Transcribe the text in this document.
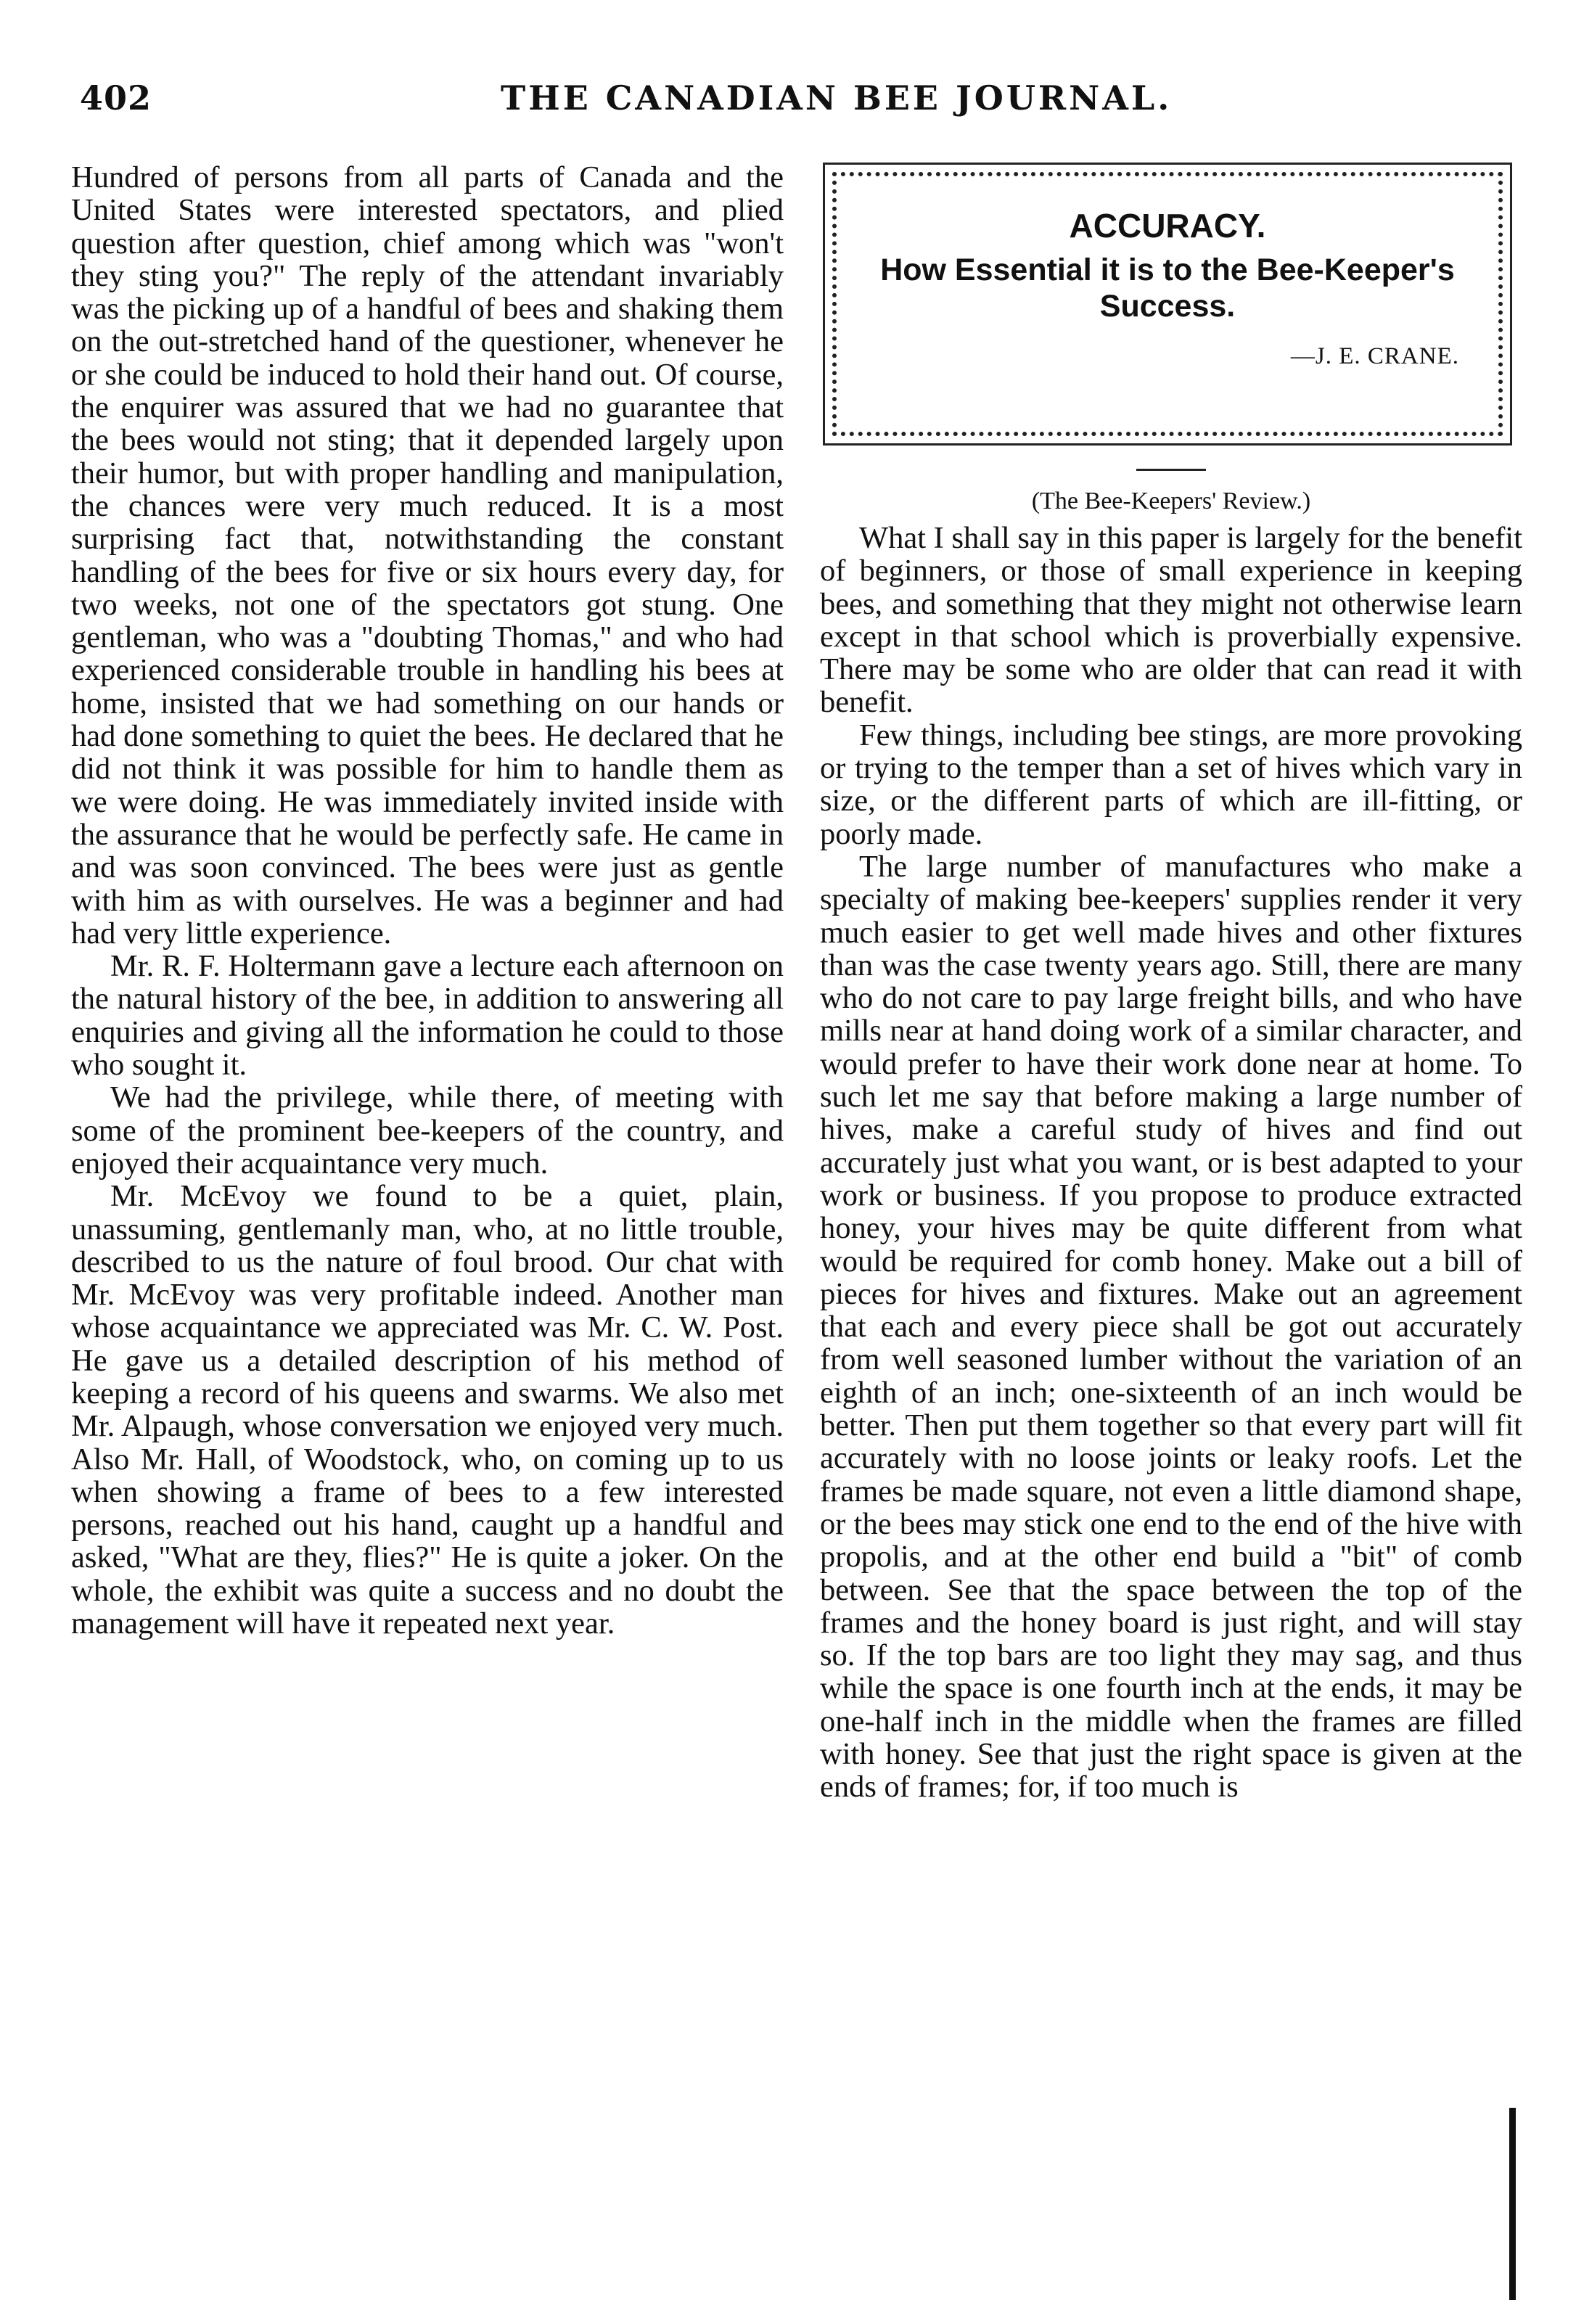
402	THE CANADIAN BEE JOURNAL.

Hundred of persons from all parts of Canada and the United States were interested spectators, and plied question after question, chief among which was "won't they sting you?" The reply of the attendant invariably was the picking up of a handful of bees and shaking them on the out-stretched hand of the questioner, whenever he or she could be induced to hold their hand out. Of course, the enquirer was assured that we had no guarantee that the bees would not sting; that it depended largely upon their humor, but with proper handling and manipulation, the chances were very much reduced. It is a most surprising fact that, notwithstanding the constant handling of the bees for five or six hours every day, for two weeks, not one of the spectators got stung. One gentleman, who was a "doubting Thomas," and who had experienced considerable trouble in handling his bees at home, insisted that we had something on our hands or had done something to quiet the bees. He declared that he did not think it was possible for him to handle them as we were doing. He was immediately invited inside with the assurance that he would be perfectly safe. He came in and was soon convinced. The bees were just as gentle with him as with ourselves. He was a beginner and had had very little experience.

Mr. R. F. Holtermann gave a lecture each afternoon on the natural history of the bee, in addition to answering all enquiries and giving all the information he could to those who sought it.

We had the privilege, while there, of meeting with some of the prominent bee-keepers of the country, and enjoyed their acquaintance very much.

Mr. McEvoy we found to be a quiet, plain, unassuming, gentlemanly man, who, at no little trouble, described to us the nature of foul brood. Our chat with Mr. McEvoy was very profitable indeed. Another man whose acquaintance we appreciated was Mr. C. W. Post. He gave us a detailed description of his method of keeping a record of his queens and swarms. We also met Mr. Alpaugh, whose conversation we enjoyed very much. Also Mr. Hall, of Woodstock, who, on coming up to us when showing a frame of bees to a few interested persons, reached out his hand, caught up a handful and asked, "What are they, flies?" He is quite a joker. On the whole, the exhibit was quite a success and no doubt the management will have it repeated next year.

ACCURACY.
How Essential it is to the Bee-Keeper's Success.
—J. E. CRANE.
(The Bee-Keepers' Review.)

What I shall say in this paper is largely for the benefit of beginners, or those of small experience in keeping bees, and something that they might not otherwise learn except in that school which is proverbially expensive. There may be some who are older that can read it with benefit.

Few things, including bee stings, are more provoking or trying to the temper than a set of hives which vary in size, or the different parts of which are ill-fitting, or poorly made.

The large number of manufactures who make a specialty of making bee-keepers' supplies render it very much easier to get well made hives and other fixtures than was the case twenty years ago. Still, there are many who do not care to pay large freight bills, and who have mills near at hand doing work of a similar character, and would prefer to have their work done near at home. To such let me say that before making a large number of hives, make a careful study of hives and find out accurately just what you want, or is best adapted to your work or business. If you propose to produce extracted honey, your hives may be quite different from what would be required for comb honey. Make out a bill of pieces for hives and fixtures. Make out an agreement that each and every piece shall be got out accurately from well seasoned lumber without the variation of an eighth of an inch; one-sixteenth of an inch would be better. Then put them together so that every part will fit accurately with no loose joints or leaky roofs. Let the frames be made square, not even a little diamond shape, or the bees may stick one end to the end of the hive with propolis, and at the other end build a "bit" of comb between. See that the space between the top of the frames and the honey board is just right, and will stay so. If the top bars are too light they may sag, and thus while the space is one fourth inch at the ends, it may be one-half inch in the middle when the frames are filled with honey. See that just the right space is given at the ends of frames; for, if too much is
